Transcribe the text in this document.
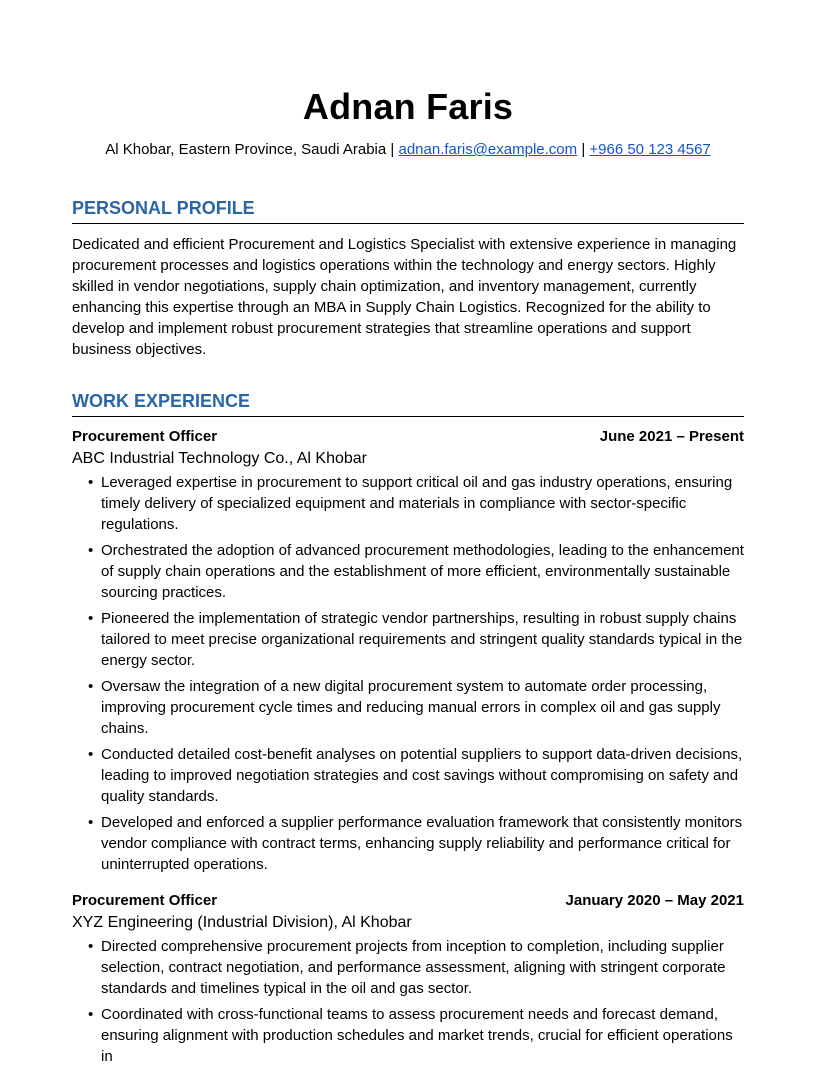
Adnan Faris
Al Khobar, Eastern Province, Saudi Arabia | adnan.faris@example.com | +966 50 123 4567
PERSONAL PROFILE
Dedicated and efficient Procurement and Logistics Specialist with extensive experience in managing procurement processes and logistics operations within the technology and energy sectors. Highly skilled in vendor negotiations, supply chain optimization, and inventory management, currently enhancing this expertise through an MBA in Supply Chain Logistics. Recognized for the ability to develop and implement robust procurement strategies that streamline operations and support business objectives.
WORK EXPERIENCE
Procurement Officer	June 2021 – Present
ABC Industrial Technology Co., Al Khobar
• Leveraged expertise in procurement to support critical oil and gas industry operations, ensuring timely delivery of specialized equipment and materials in compliance with sector-specific regulations.
• Orchestrated the adoption of advanced procurement methodologies, leading to the enhancement of supply chain operations and the establishment of more efficient, environmentally sustainable sourcing practices.
• Pioneered the implementation of strategic vendor partnerships, resulting in robust supply chains tailored to meet precise organizational requirements and stringent quality standards typical in the energy sector.
• Oversaw the integration of a new digital procurement system to automate order processing, improving procurement cycle times and reducing manual errors in complex oil and gas supply chains.
• Conducted detailed cost-benefit analyses on potential suppliers to support data-driven decisions, leading to improved negotiation strategies and cost savings without compromising on safety and quality standards.
• Developed and enforced a supplier performance evaluation framework that consistently monitors vendor compliance with contract terms, enhancing supply reliability and performance critical for uninterrupted operations.
Procurement Officer	January 2020 – May 2021
XYZ Engineering (Industrial Division), Al Khobar
• Directed comprehensive procurement projects from inception to completion, including supplier selection, contract negotiation, and performance assessment, aligning with stringent corporate standards and timelines typical in the oil and gas sector.
• Coordinated with cross-functional teams to assess procurement needs and forecast demand, ensuring alignment with production schedules and market trends, crucial for efficient operations in
